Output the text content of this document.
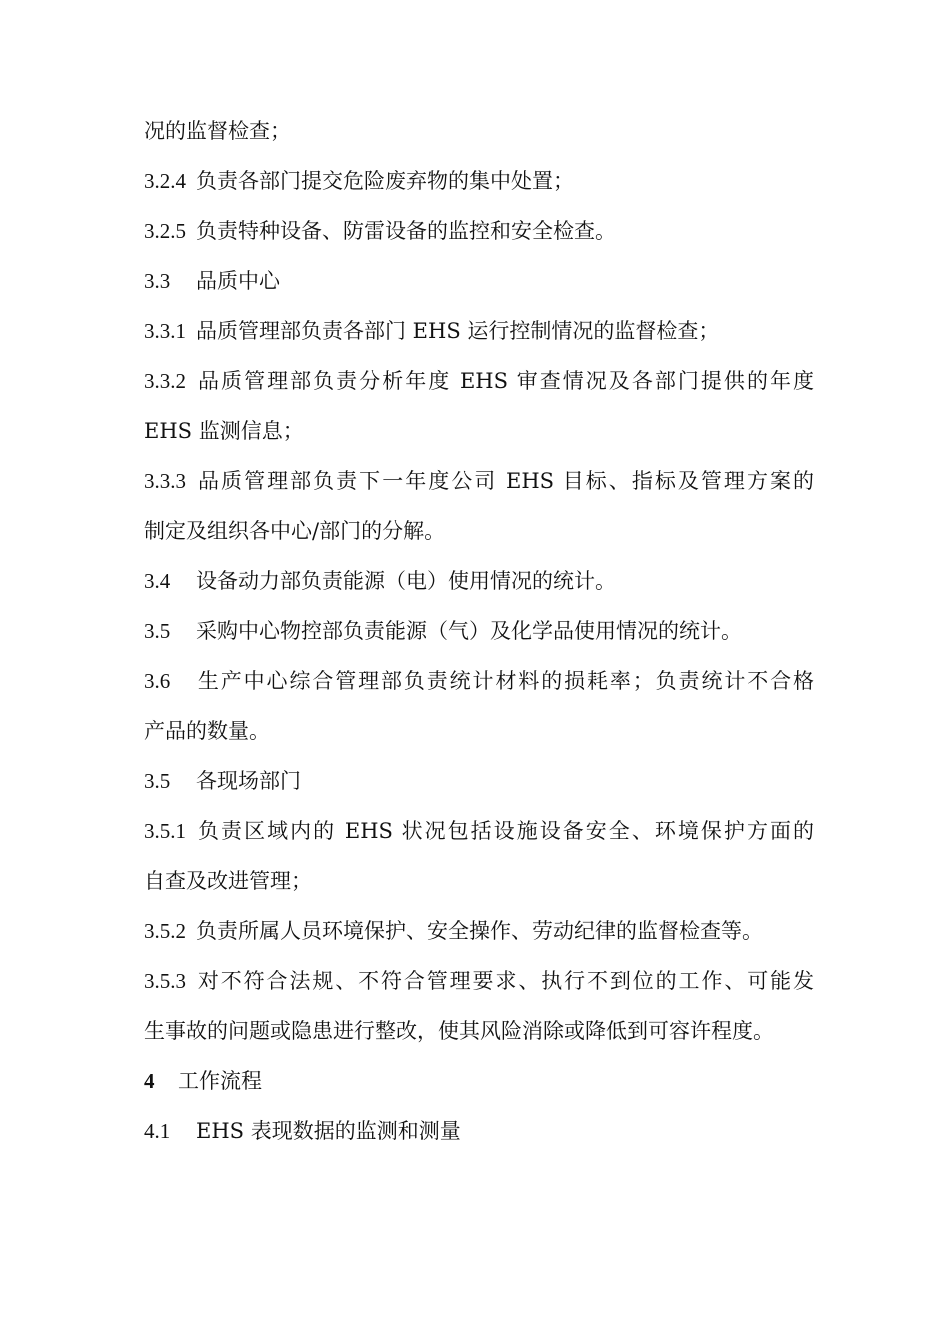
况的监督检查；
3.2.4 负责各部门提交危险废弃物的集中处置；
3.2.5 负责特种设备、防雷设备的监控和安全检查。
3.3 品质中心
3.3.1 品质管理部负责各部门 EHS 运行控制情况的监督检查；
3.3.2 品质管理部负责分析年度 EHS 审查情况及各部门提供的年度
EHS 监测信息；
3.3.3 品质管理部负责下一年度公司 EHS 目标、指标及管理方案的
制定及组织各中心/部门的分解。
3.4 设备动力部负责能源（电）使用情况的统计。
3.5 采购中心物控部负责能源（气）及化学品使用情况的统计。
3.6 生产中心综合管理部负责统计材料的损耗率；负责统计不合格
产品的数量。
3.5 各现场部门
3.5.1 负责区域内的 EHS 状况包括设施设备安全、环境保护方面的
自查及改进管理；
3.5.2 负责所属人员环境保护、安全操作、劳动纪律的监督检查等。
3.5.3 对不符合法规、不符合管理要求、执行不到位的工作、可能发
生事故的问题或隐患进行整改，使其风险消除或降低到可容许程度。
4 工作流程
4.1 EHS 表现数据的监测和测量
